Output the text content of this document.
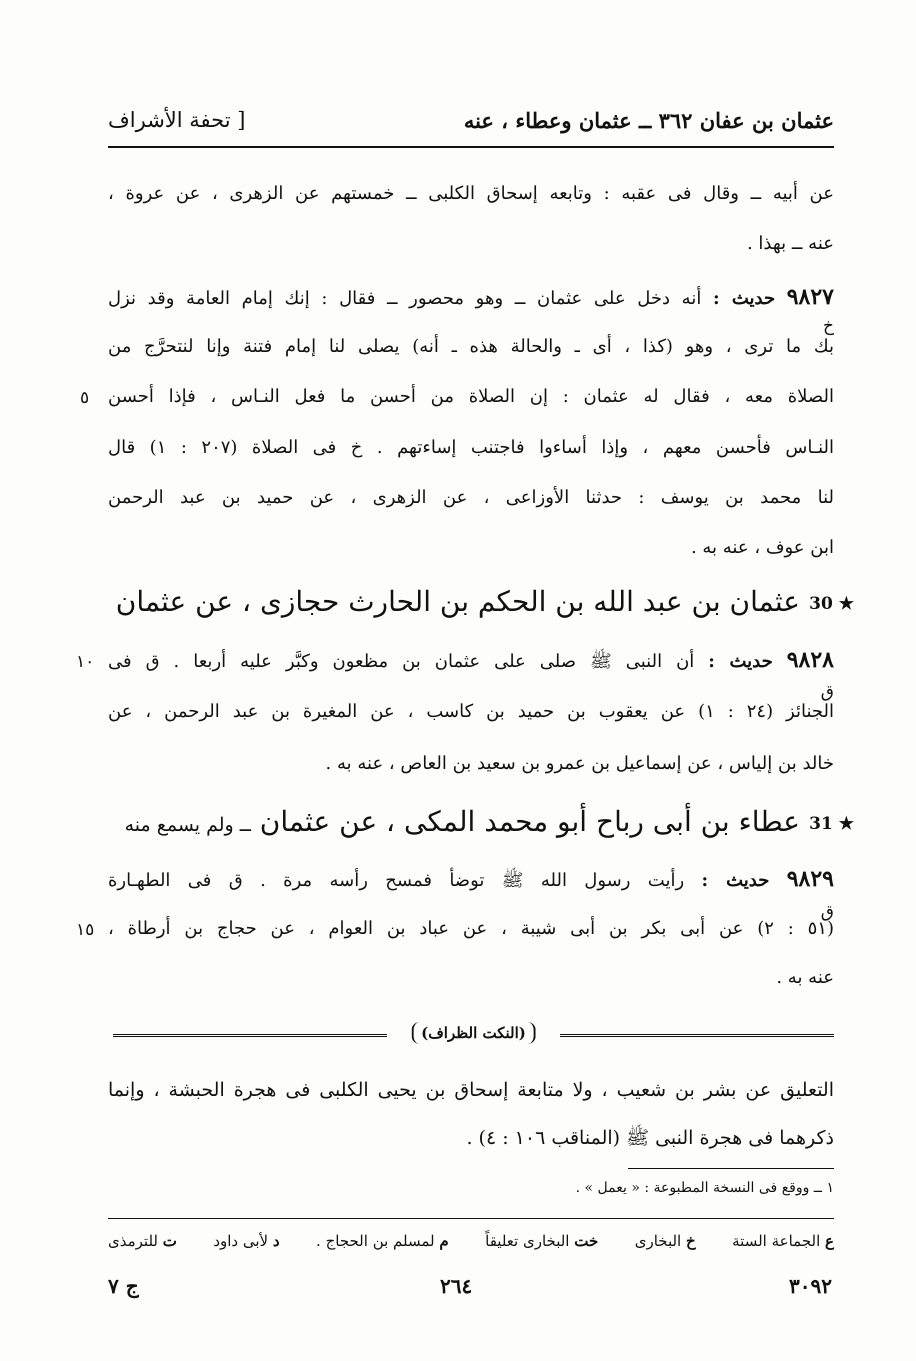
عثمان بن عفان ٣٦٢ ــ عثمان وعطاء ، عنه
[ تحفة الأشراف
عن أبيه ــ وقال فى عقبه : وتابعه إسحاق الكلبى ــ خمستهم عن الزهرى ، عن عروة ،
عنه ــ بهذا .
٩٨٢٧ حديث : أنه دخل على عثمان ــ وهو محصور ــ فقال : إنك إمام العامة وقد نزل
بك ما ترى ، وهو (كذا ، أى ـ والحالة هذه ـ أنه) يصلى لنا إمام فتنة وإنا لنتحرَّج من
الصلاة معه ، فقال له عثمان : إن الصلاة من أحسن ما فعل النـاس ، فإذا أحسن
النـاس فأحسن معهم ، وإذا أساءوا فاجتنب إساءتهم . خ فى الصلاة (٢٠٧ : ١) قال
لنا محمد بن يوسف : حدثنا الأوزاعى ، عن الزهرى ، عن حميد بن عبد الرحمن
ابن عوف ، عنه به .
٩٨٢٨ حديث : أن النبى ﷺ صلى على عثمان بن مظعون وكبَّر عليه أربعا . ق فى
الجنائز (٢٤ : ١) عن يعقوب بن حميد بن كاسب ، عن المغيرة بن عبد الرحمن ، عن
خالد بن إلياس ، عن إسماعيل بن عمرو بن سعيد بن العاص ، عنه به .
٩٨٢٩ حديث : رأيت رسول الله ﷺ توضأ فمسح رأسه مرة . ق فى الطهـارة
(٥١ : ٢) عن أبى بكر بن أبى شيبة ، عن عباد بن العوام ، عن حجاج بن أرطاة ،
عنه به .
خ
ق
ق
٥
١٠
١٥
30 ★
عثمان بن عبد الله بن الحكم بن الحارث حجازى ، عن عثمان
31 ★
عطاء بن أبى رباح أبو محمد المكى ، عن عثمان ــ ولم يسمع منه
(النكت الظراف)
التعليق عن بشر بن شعيب ، ولا متابعة إسحاق بن يحيى الكلبى فى هجرة الحبشة ، وإنما
ذكرهما فى هجرة النبى ﷺ (المناقب ١٠٦ : ٤) .
١ ــ ووقع فى النسخة المطبوعة : « يعمل » .
ع الجماعة الستة
خ البخارى
خت البخارى تعليقاً
م لمسلم بن الحجاج .
د لأبى داود
ت للترمذى
٣٠٩٢
٢٦٤
ج ٧
